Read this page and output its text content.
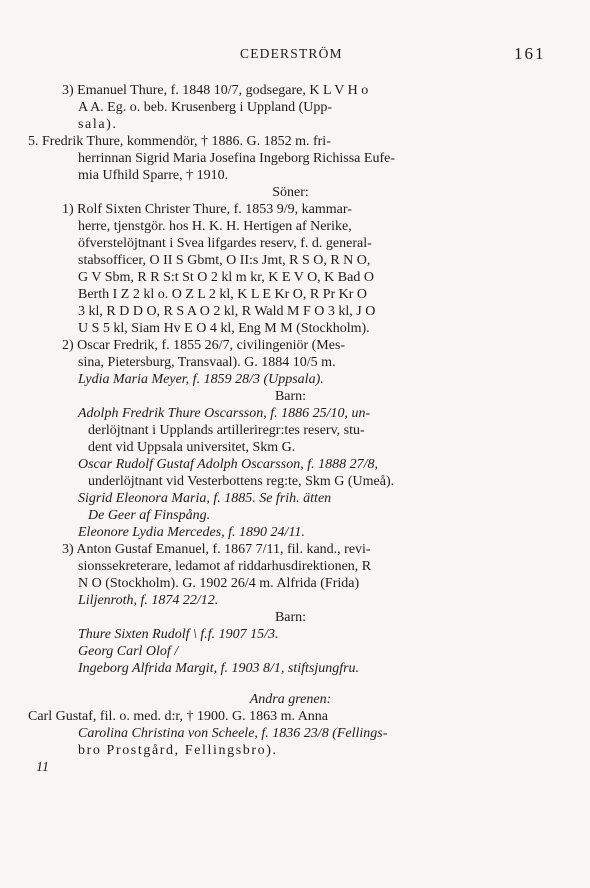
CEDERSTRÖM	161
3) Emanuel Thure, f. 1848 10/7, godsegare, K L V H o
A A. Eg. o. beb. Krusenberg i Uppland (Upp-
sala).
5. Fredrik Thure, kommendör, † 1886. G. 1852 m. fri-
herrinnan Sigrid Maria Josefina Ingeborg Richissa Eufe-
mia Ufhild Sparre, † 1910.
Söner:
1) Rolf Sixten Christer Thure, f. 1853 9/9, kammar-
herre, tjenstgör. hos H. K. H. Hertigen af Nerike,
öfverstelöjtnant i Svea lifgardes reserv, f. d. general-
stabsofficer, O II S Gbmt, O II:s Jmt, R S O, R N O,
G V Sbm, R R S:t St O 2 kl m kr, K E V O, K Bad O
Berth I Z 2 kl o. O Z L 2 kl, K L E Kr O, R Pr Kr O
3 kl, R D D O, R S A O 2 kl, R Wald M F O 3 kl, J O
U S 5 kl, Siam Hv E O 4 kl, Eng M M (Stockholm).
2) Oscar Fredrik, f. 1855 26/7, civilingeniör (Mes-
sina, Pietersburg, Transvaal). G. 1884 10/5 m.
Lydia Maria Meyer, f. 1859 28/3 (Uppsala).
Barn:
Adolph Fredrik Thure Oscarsson, f. 1886 25/10, un-
derlöjtnant i Upplands artilleriregr:tes reserv, stu-
dent vid Uppsala universitet, Skm G.
Oscar Rudolf Gustaf Adolph Oscarsson, f. 1888 27/8,
underlöjtnant vid Vesterbottens reg:te, Skm G (Umeå).
Sigrid Eleonora Maria, f. 1885. Se frih. ätten
De Geer af Finspång.
Eleonore Lydia Mercedes, f. 1890 24/11.
3) Anton Gustaf Emanuel, f. 1867 7/11, fil. kand., revi-
sionssekreterare, ledamot af riddarhusdirektionen, R
N O (Stockholm). G. 1902 26/4 m. Alfrida (Frida)
Liljenroth, f. 1874 22/12.
Barn:
Thure Sixten Rudolf \ f.f. 1907 15/3.
Georg Carl Olof /
Ingeborg Alfrida Margit, f. 1903 8/1, stiftsjungfru.
Andra grenen:
Carl Gustaf, fil. o. med. d:r, † 1900. G. 1863 m. Anna
Carolina Christina von Scheele, f. 1836 23/8 (Fellings-
bro Prostgård, Fellingsbro).
11
